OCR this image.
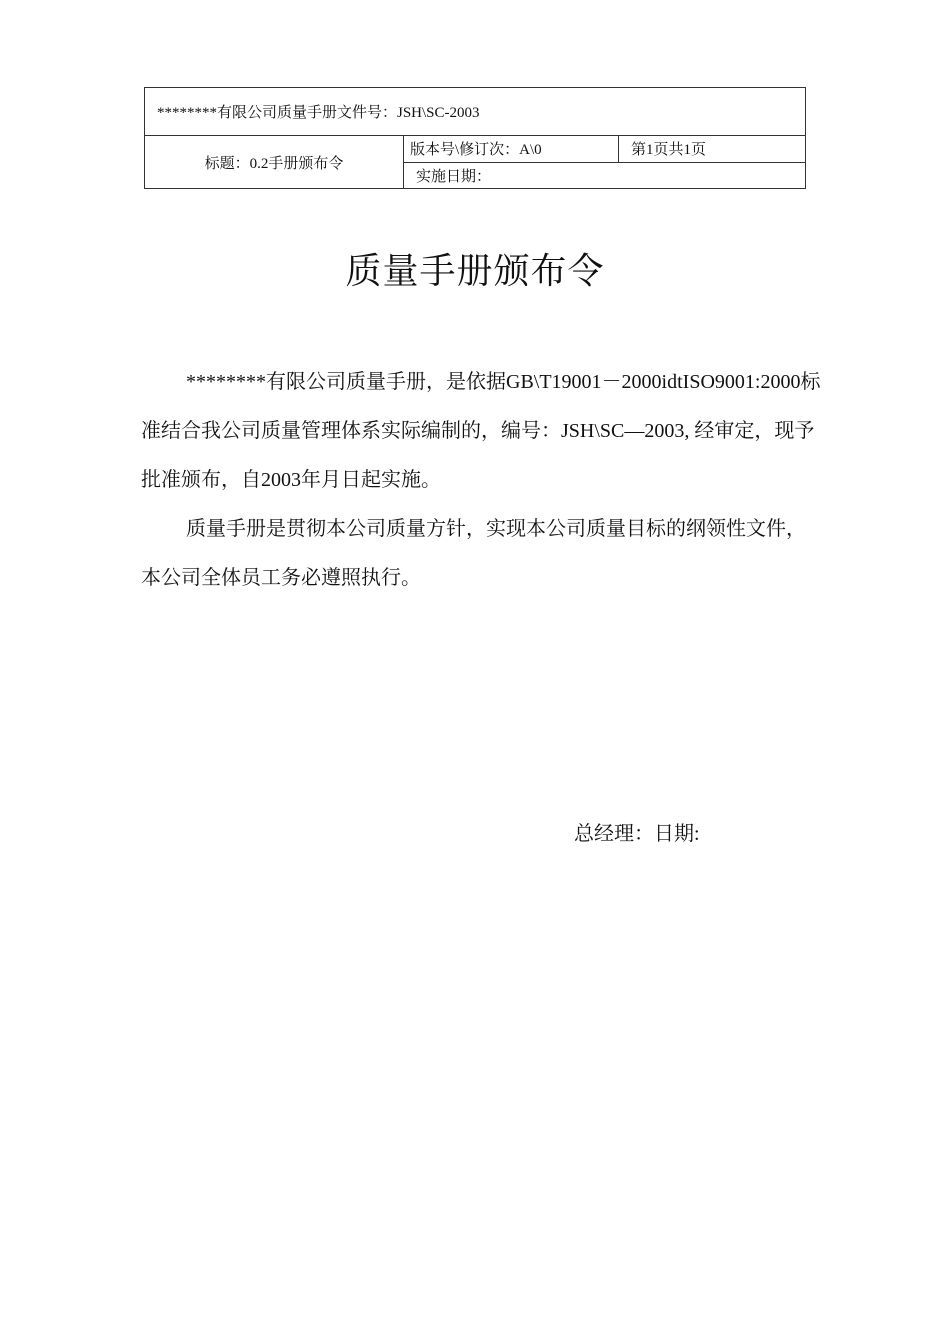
********有限公司质量手册文件号：JSH\SC-2003
标题：0.2手册颁布令	版本号\修订次：A\0	第1页共1页
实施日期：
质量手册颁布令

********有限公司质量手册，是依据GB\T19001－2000idtISO9001:2000标准结合我公司质量管理体系实际编制的，编号：JSH\SC—2003, 经审定，现予批准颁布，自2003年月日起实施。

质量手册是贯彻本公司质量方针，实现本公司质量目标的纲领性文件，本公司全体员工务必遵照执行。

总经理：日期:
